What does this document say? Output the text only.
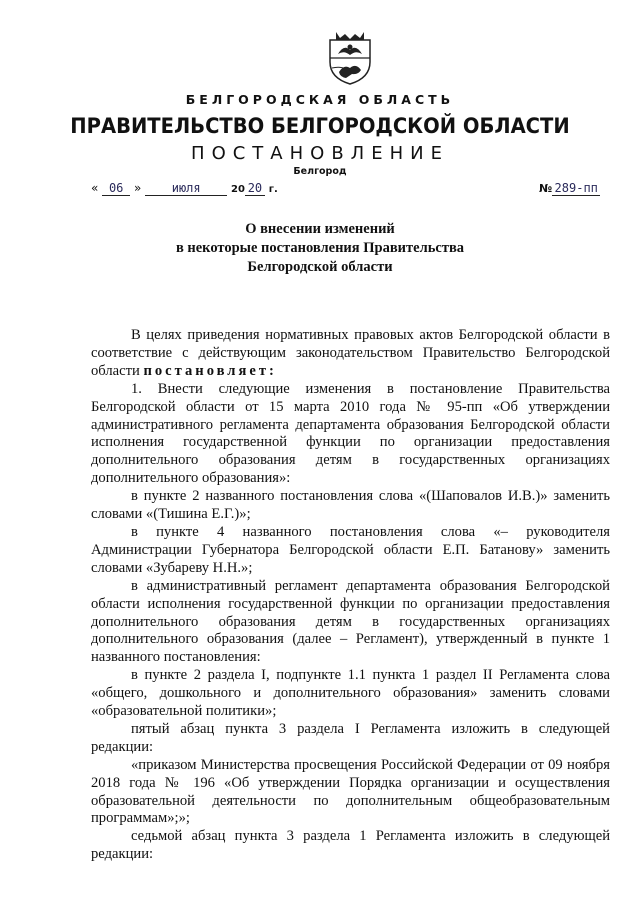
БЕЛГОРОДСКАЯ ОБЛАСТЬ
ПРАВИТЕЛЬСТВО БЕЛГОРОДСКОЙ ОБЛАСТИ
ПОСТАНОВЛЕНИЕ
Белгород
« 06 »	июля	20 20 г.	№ 289-пп
О внесении изменений
в некоторые постановления Правительства
Белгородской области

В целях приведения нормативных правовых актов Белгородской области в соответствие с действующим законодательством Правительство Белгородской области постановляет:

1. Внести следующие изменения в постановление Правительства Белгородской области от 15 марта 2010 года № 95-пп «Об утверждении административного регламента департамента образования Белгородской области исполнения государственной функции по организации предоставления дополнительного образования детям в государственных организациях дополнительного образования»:

в пункте 2 названного постановления слова «(Шаповалов И.В.)» заменить словами «(Тишина Е.Г.)»;

в пункте 4 названного постановления слова «– руководителя Администрации Губернатора Белгородской области Е.П. Батанову» заменить словами «Зубареву Н.Н.»;

в административный регламент департамента образования Белгородской области исполнения государственной функции по организации предоставления дополнительного образования детям в государственных организациях дополнительного образования (далее – Регламент), утвержденный в пункте 1 названного постановления:

в пункте 2 раздела I, подпункте 1.1 пункта 1 раздел II Регламента слова «общего, дошкольного и дополнительного образования» заменить словами «образовательной политики»;

пятый абзац пункта 3 раздела I Регламента изложить в следующей редакции:

«приказом Министерства просвещения Российской Федерации от 09 ноября 2018 года № 196 «Об утверждении Порядка организации и осуществления образовательной деятельности по дополнительным общеобразовательным программам»;»;

седьмой абзац пункта 3 раздела 1 Регламента изложить в следующей редакции:
